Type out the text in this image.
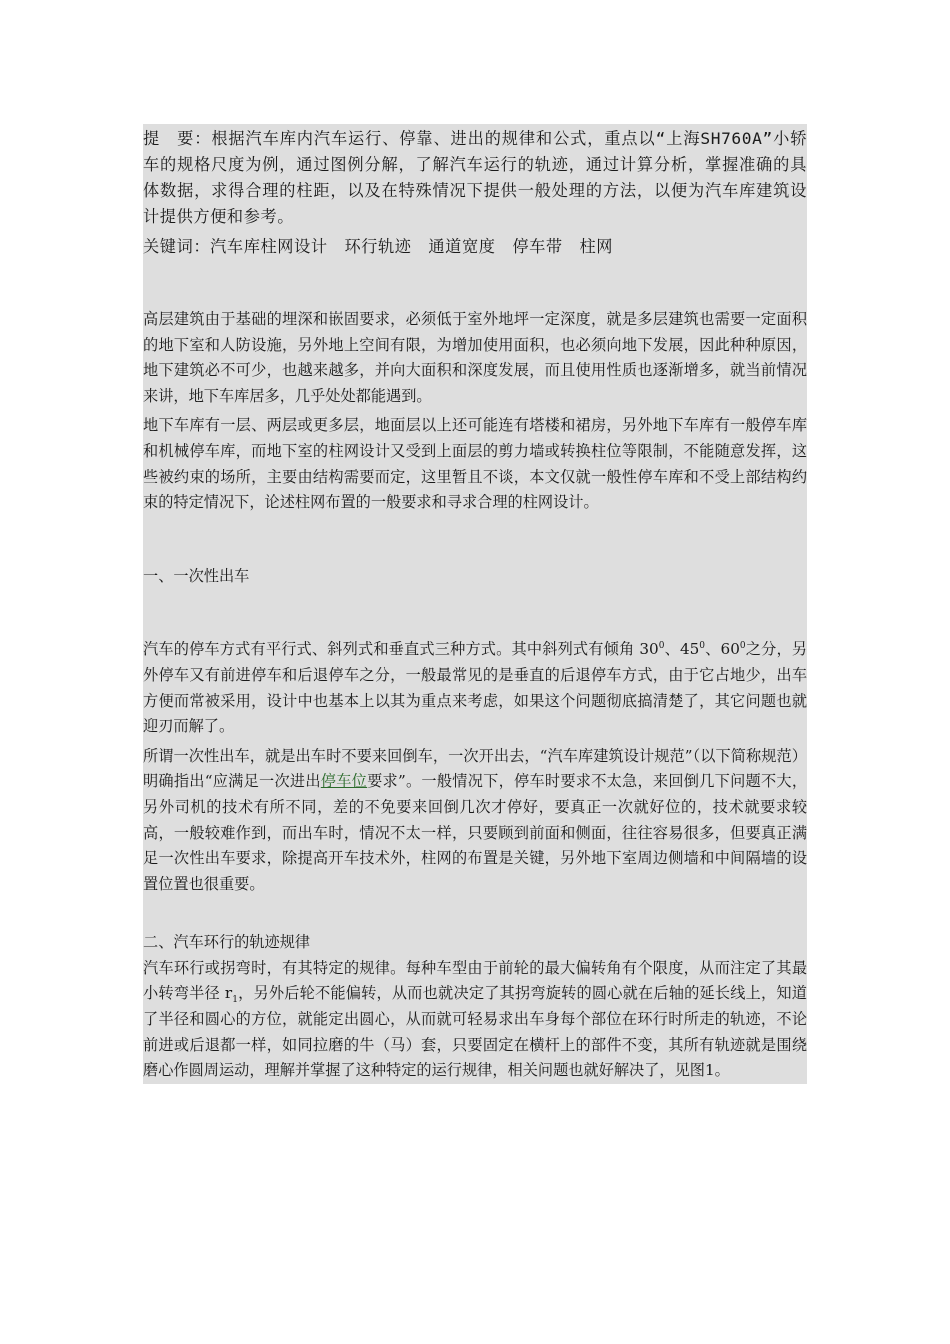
提　要：根据汽车库内汽车运行、停靠、进出的规律和公式，重点以“上海SH760A”小轿车的规格尺度为例，通过图例分解，了解汽车运行的轨迹，通过计算分析，掌握准确的具体数据，求得合理的柱距，以及在特殊情况下提供一般处理的方法，以便为汽车库建筑设计提供方便和参考。

关键词：汽车库柱网设计　环行轨迹　通道宽度　停车带　柱网

高层建筑由于基础的埋深和嵌固要求，必须低于室外地坪一定深度，就是多层建筑也需要一定面积的地下室和人防设施，另外地上空间有限，为增加使用面积，也必须向地下发展，因此种种原因，地下建筑必不可少，也越来越多，并向大面积和深度发展，而且使用性质也逐渐增多，就当前情况来讲，地下车库居多，几乎处处都能遇到。

地下车库有一层、两层或更多层，地面层以上还可能连有塔楼和裙房，另外地下车库有一般停车库和机械停车库，而地下室的柱网设计又受到上面层的剪力墙或转换柱位等限制，不能随意发挥，这些被约束的场所，主要由结构需要而定，这里暂且不谈，本文仅就一般性停车库和不受上部结构约束的特定情况下，论述柱网布置的一般要求和寻求合理的柱网设计。

一、一次性出车

汽车的停车方式有平行式、斜列式和垂直式三种方式。其中斜列式有倾角 $30^0$、$45^0$、$60^0$之分，另外停车又有前进停车和后退停车之分，一般最常见的是垂直的后退停车方式，由于它占地少，出车方便而常被采用，设计中也基本上以其为重点来考虑，如果这个问题彻底搞清楚了，其它问题也就迎刃而解了。

所谓一次性出车，就是出车时不要来回倒车，一次开出去，“汽车库建筑设计规范”（以下简称规范）明确指出“应满足一次进出停车位要求”。一般情况下，停车时要求不太急，来回倒几下问题不大，另外司机的技术有所不同，差的不免要来回倒几次才停好，要真正一次就好位的，技术就要求较高，一般较难作到，而出车时，情况不太一样，只要顾到前面和侧面，往往容易很多，但要真正满足一次性出车要求，除提高开车技术外，柱网的布置是关键，另外地下室周边侧墙和中间隔墙的设置位置也很重要。

二、汽车环行的轨迹规律

汽车环行或拐弯时，有其特定的规律。每种车型由于前轮的最大偏转角有个限度，从而注定了其最小转弯半径 $r_1$，另外后轮不能偏转，从而也就决定了其拐弯旋转的圆心就在后轴的延长线上，知道了半径和圆心的方位，就能定出圆心，从而就可轻易求出车身每个部位在环行时所走的轨迹，不论前进或后退都一样，如同拉磨的牛（马）套，只要固定在横杆上的部件不变，其所有轨迹就是围绕磨心作圆周运动，理解并掌握了这种特定的运行规律，相关问题也就好解决了，见图1。
